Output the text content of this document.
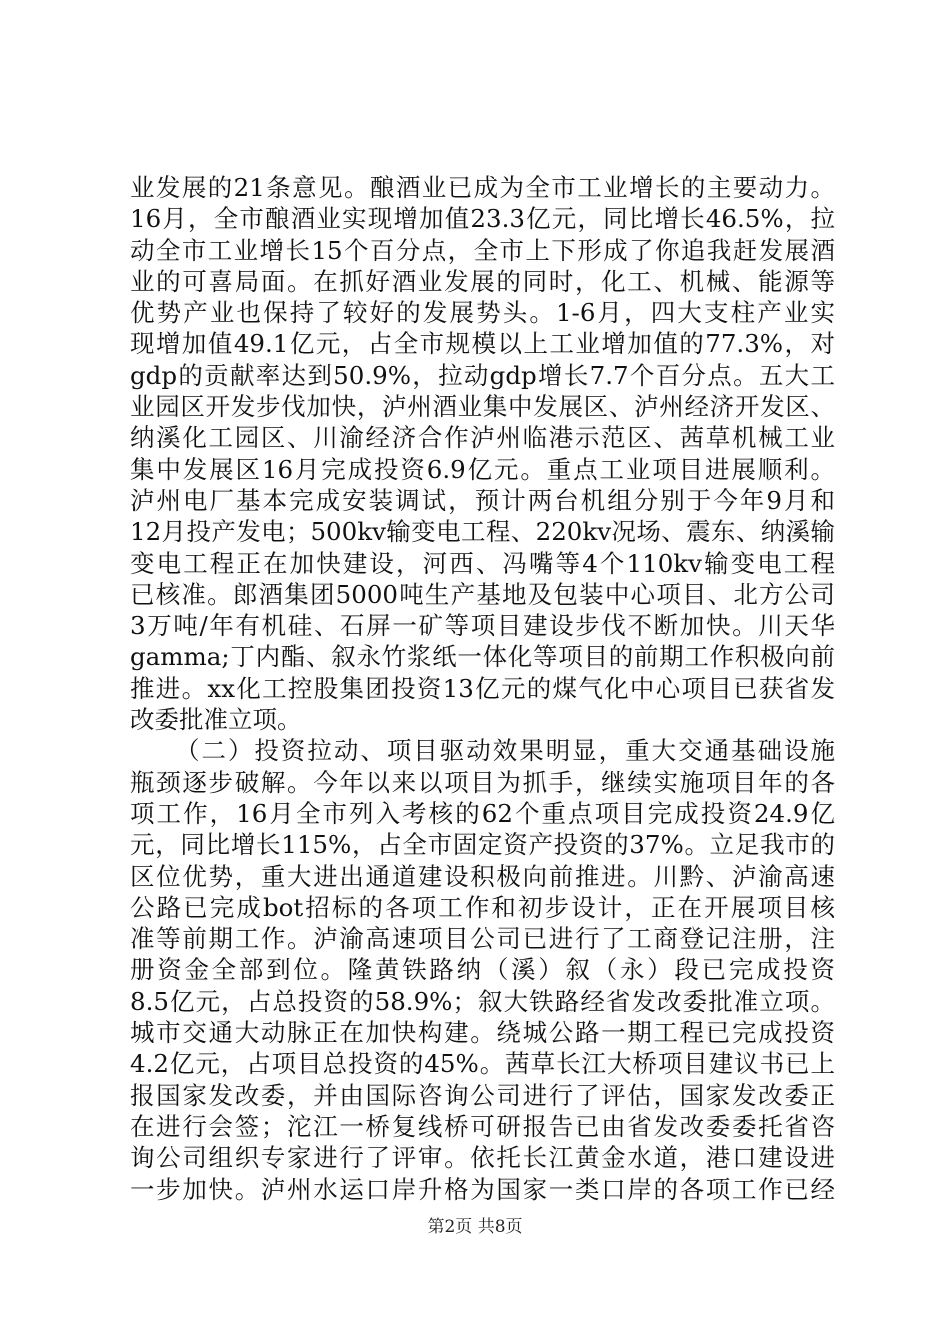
业发展的21条意见。酿酒业已成为全市工业增长的主要动力。
16月，全市酿酒业实现增加值23.3亿元，同比增长46.5%，拉
动全市工业增长15个百分点，全市上下形成了你追我赶发展酒
业的可喜局面。在抓好酒业发展的同时，化工、机械、能源等
优势产业也保持了较好的发展势头。1-6月，四大支柱产业实
现增加值49.1亿元，占全市规模以上工业增加值的77.3%，对
gdp的贡献率达到50.9%，拉动gdp增长7.7个百分点。五大工
业园区开发步伐加快，泸州酒业集中发展区、泸州经济开发区、
纳溪化工园区、川渝经济合作泸州临港示范区、茜草机械工业
集中发展区16月完成投资6.9亿元。重点工业项目进展顺利。
泸州电厂基本完成安装调试，预计两台机组分别于今年9月和
12月投产发电；500kv输变电工程、220kv况场、震东、纳溪输
变电工程正在加快建设，河西、冯嘴等4个110kv输变电工程
已核准。郎酒集团5000吨生产基地及包装中心项目、北方公司
3万吨/年有机硅、石屏一矿等项目建设步伐不断加快。川天华
gamma;丁内酯、叙永竹浆纸一体化等项目的前期工作积极向前
推进。xx化工控股集团投资13亿元的煤气化中心项目已获省发
改委批准立项。
（二）投资拉动、项目驱动效果明显，重大交通基础设施
瓶颈逐步破解。今年以来以项目为抓手，继续实施项目年的各
项工作，16月全市列入考核的62个重点项目完成投资24.9亿
元，同比增长115%，占全市固定资产投资的37%。立足我市的
区位优势，重大进出通道建设积极向前推进。川黔、泸渝高速
公路已完成bot招标的各项工作和初步设计，正在开展项目核
准等前期工作。泸渝高速项目公司已进行了工商登记注册，注
册资金全部到位。隆黄铁路纳（溪）叙（永）段已完成投资
8.5亿元，占总投资的58.9%；叙大铁路经省发改委批准立项。
城市交通大动脉正在加快构建。绕城公路一期工程已完成投资
4.2亿元，占项目总投资的45%。茜草长江大桥项目建议书已上
报国家发改委，并由国际咨询公司进行了评估，国家发改委正
在进行会签；沱江一桥复线桥可研报告已由省发改委委托省咨
询公司组织专家进行了评审。依托长江黄金水道，港口建设进
一步加快。泸州水运口岸升格为国家一类口岸的各项工作已经
第2页 共8页
